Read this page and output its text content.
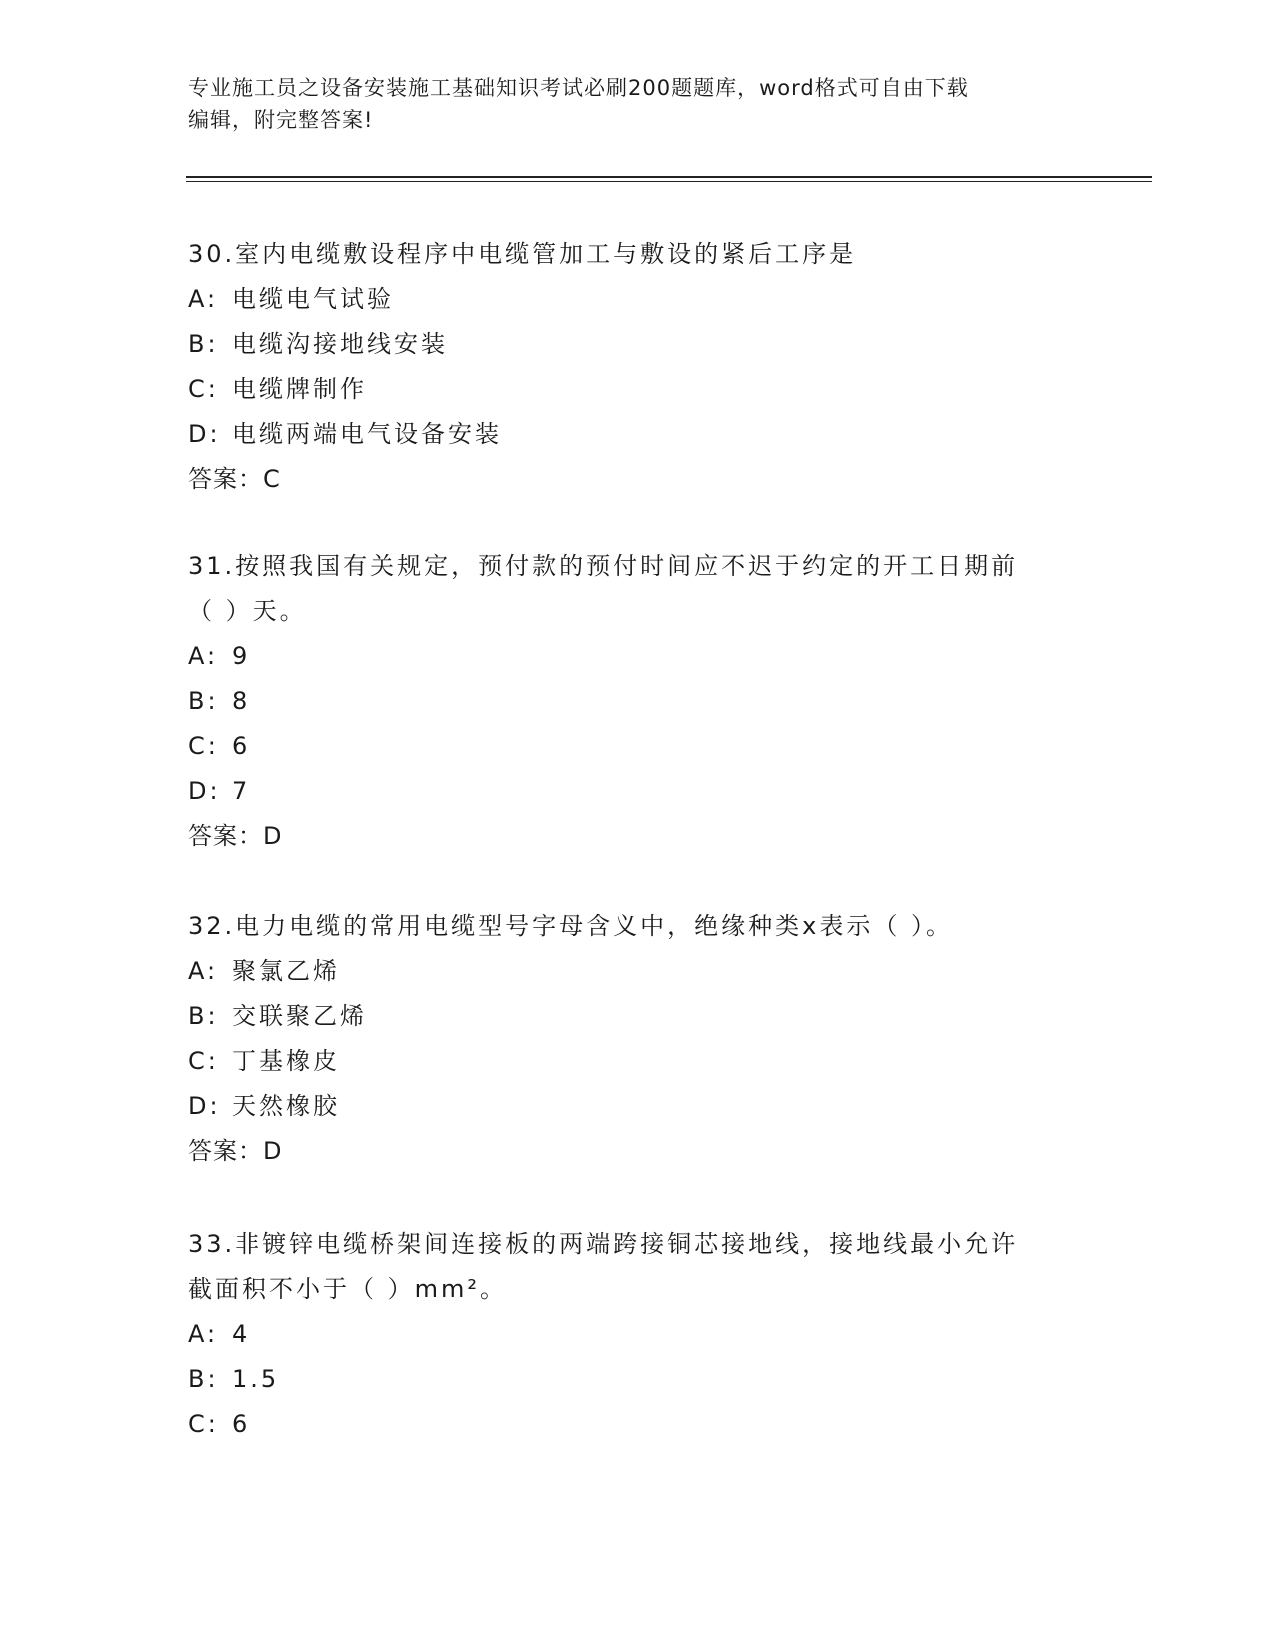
专业施工员之设备安装施工基础知识考试必刷200题题库，word格式可自由下载
编辑，附完整答案!
30.室内电缆敷设程序中电缆管加工与敷设的紧后工序是
A: 电缆电气试验
B: 电缆沟接地线安装
C: 电缆牌制作
D: 电缆两端电气设备安装
答案：C
31.按照我国有关规定，预付款的预付时间应不迟于约定的开工日期前
（ ）天。
A: 9
B: 8
C: 6
D: 7
答案：D
32.电力电缆的常用电缆型号字母含义中，绝缘种类x表示（ ）。
A: 聚氯乙烯
B: 交联聚乙烯
C: 丁基橡皮
D: 天然橡胶
答案：D
33.非镀锌电缆桥架间连接板的两端跨接铜芯接地线，接地线最小允许
截面积不小于（ ）mm²。
A: 4
B: 1.5
C: 6
